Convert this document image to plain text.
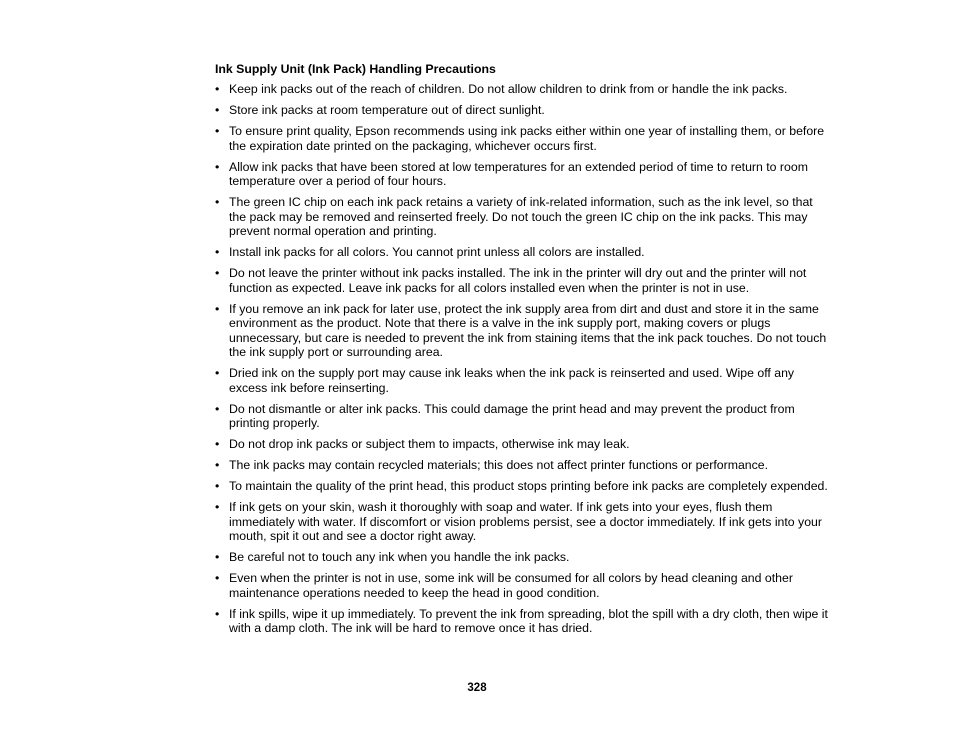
Ink Supply Unit (Ink Pack) Handling Precautions
• Keep ink packs out of the reach of children. Do not allow children to drink from or handle the ink packs.
• Store ink packs at room temperature out of direct sunlight.
• To ensure print quality, Epson recommends using ink packs either within one year of installing them, or before the expiration date printed on the packaging, whichever occurs first.
• Allow ink packs that have been stored at low temperatures for an extended period of time to return to room temperature over a period of four hours.
• The green IC chip on each ink pack retains a variety of ink-related information, such as the ink level, so that the pack may be removed and reinserted freely. Do not touch the green IC chip on the ink packs. This may prevent normal operation and printing.
• Install ink packs for all colors. You cannot print unless all colors are installed.
• Do not leave the printer without ink packs installed. The ink in the printer will dry out and the printer will not function as expected. Leave ink packs for all colors installed even when the printer is not in use.
• If you remove an ink pack for later use, protect the ink supply area from dirt and dust and store it in the same environment as the product. Note that there is a valve in the ink supply port, making covers or plugs unnecessary, but care is needed to prevent the ink from staining items that the ink pack touches. Do not touch the ink supply port or surrounding area.
• Dried ink on the supply port may cause ink leaks when the ink pack is reinserted and used. Wipe off any excess ink before reinserting.
• Do not dismantle or alter ink packs. This could damage the print head and may prevent the product from printing properly.
• Do not drop ink packs or subject them to impacts, otherwise ink may leak.
• The ink packs may contain recycled materials; this does not affect printer functions or performance.
• To maintain the quality of the print head, this product stops printing before ink packs are completely expended.
• If ink gets on your skin, wash it thoroughly with soap and water. If ink gets into your eyes, flush them immediately with water. If discomfort or vision problems persist, see a doctor immediately. If ink gets into your mouth, spit it out and see a doctor right away.
• Be careful not to touch any ink when you handle the ink packs.
• Even when the printer is not in use, some ink will be consumed for all colors by head cleaning and other maintenance operations needed to keep the head in good condition.
• If ink spills, wipe it up immediately. To prevent the ink from spreading, blot the spill with a dry cloth, then wipe it with a damp cloth. The ink will be hard to remove once it has dried.
328
